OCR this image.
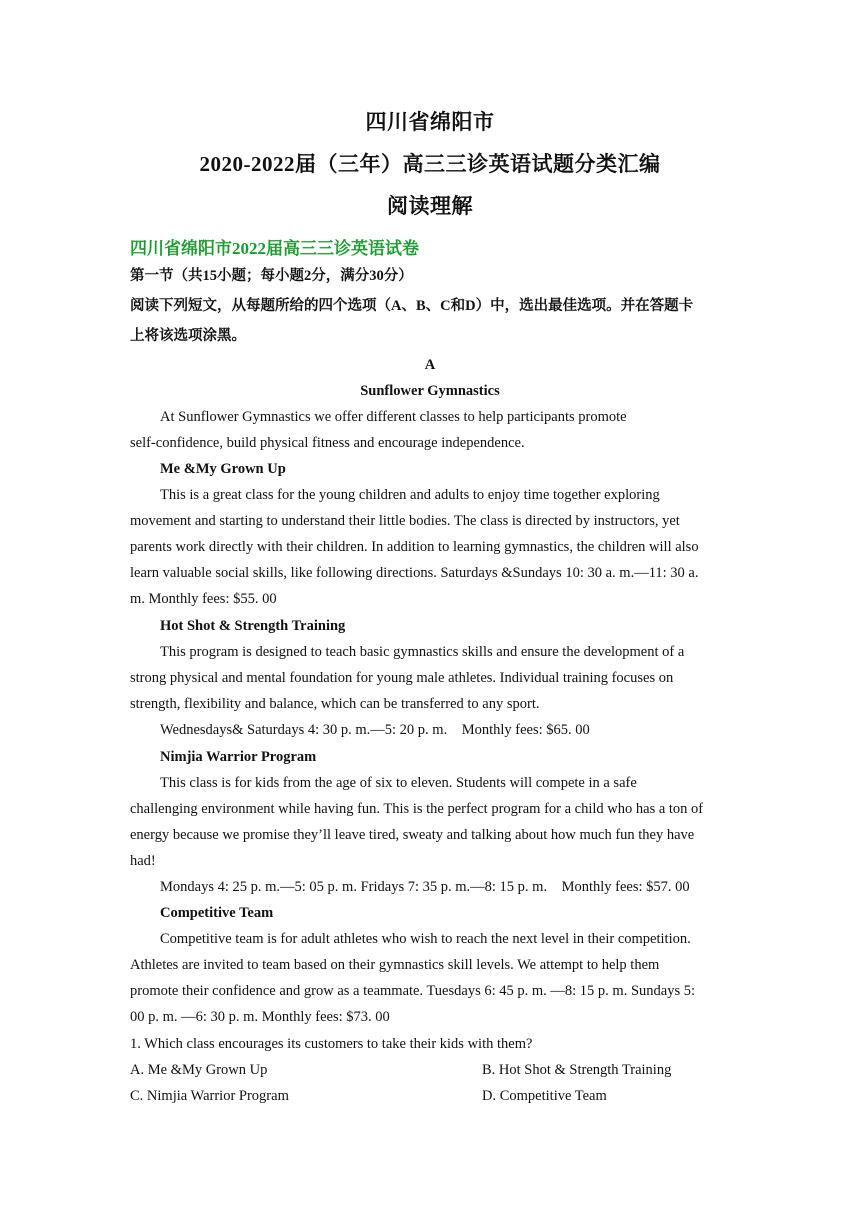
四川省绵阳市
2020-2022届（三年）高三三诊英语试题分类汇编
阅读理解
四川省绵阳市2022届高三三诊英语试卷
第一节（共15小题；每小题2分，满分30分）
阅读下列短文，从每题所给的四个选项（A、B、C和D）中，选出最佳选项。并在答题卡
上将该选项涂黑。
A
Sunflower Gymnastics
At Sunflower Gymnastics we offer different classes to help participants promote
self-confidence, build physical fitness and encourage independence.
Me &My Grown Up
This is a great class for the young children and adults to enjoy time together exploring
movement and starting to understand their little bodies. The class is directed by instructors, yet
parents work directly with their children. In addition to learning gymnastics, the children will also
learn valuable social skills, like following directions. Saturdays &Sundays 10: 30 a. m.—11: 30 a.
m. Monthly fees: $55. 00
Hot Shot & Strength Training
This program is designed to teach basic gymnastics skills and ensure the development of a
strong physical and mental foundation for young male athletes. Individual training focuses on
strength, flexibility and balance, which can be transferred to any sport.
Wednesdays& Saturdays 4: 30 p. m.—5: 20 p. m.    Monthly fees: $65. 00
Nimjia Warrior Program
This class is for kids from the age of six to eleven. Students will compete in a safe
challenging environment while having fun. This is the perfect program for a child who has a ton of
energy because we promise they’ll leave tired, sweaty and talking about how much fun they have
had!
Mondays 4: 25 p. m.—5: 05 p. m. Fridays 7: 35 p. m.—8: 15 p. m.    Monthly fees: $57. 00
Competitive Team
Competitive team is for adult athletes who wish to reach the next level in their competition.
Athletes are invited to team based on their gymnastics skill levels. We attempt to help them
promote their confidence and grow as a teammate. Tuesdays 6: 45 p. m. —8: 15 p. m. Sundays 5:
00 p. m. —6: 30 p. m. Monthly fees: $73. 00
1. Which class encourages its customers to take their kids with them?
A. Me &My Grown Up	B. Hot Shot & Strength Training
C. Nimjia Warrior Program	D. Competitive Team
